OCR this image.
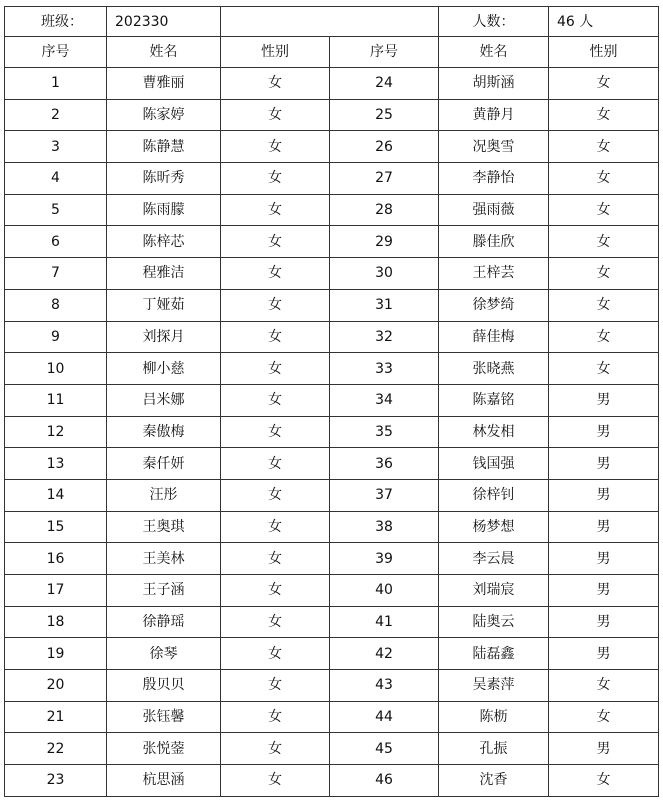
班级：	202330			人数：	46 人
序号	姓名	性别	序号	姓名	性别
1	曹雅丽	女	24	胡斯涵	女
2	陈家婷	女	25	黄静月	女
3	陈静慧	女	26	况奥雪	女
4	陈昕秀	女	27	李静怡	女
5	陈雨朦	女	28	强雨薇	女
6	陈梓芯	女	29	滕佳欣	女
7	程雅洁	女	30	王梓芸	女
8	丁娅茹	女	31	徐梦绮	女
9	刘探月	女	32	薛佳梅	女
10	柳小慈	女	33	张晓燕	女
11	吕米娜	女	34	陈嘉铭	男
12	秦傲梅	女	35	林发相	男
13	秦仟妍	女	36	钱国强	男
14	汪彤	女	37	徐梓钊	男
15	王奥琪	女	38	杨梦想	男
16	王美林	女	39	李云晨	男
17	王子涵	女	40	刘瑞宸	男
18	徐静瑶	女	41	陆奥云	男
19	徐琴	女	42	陆磊鑫	男
20	殷贝贝	女	43	吴素萍	女
21	张钰馨	女	44	陈枥	女
22	张悦蓥	女	45	孔振	男
23	杭思涵	女	46	沈香	女
